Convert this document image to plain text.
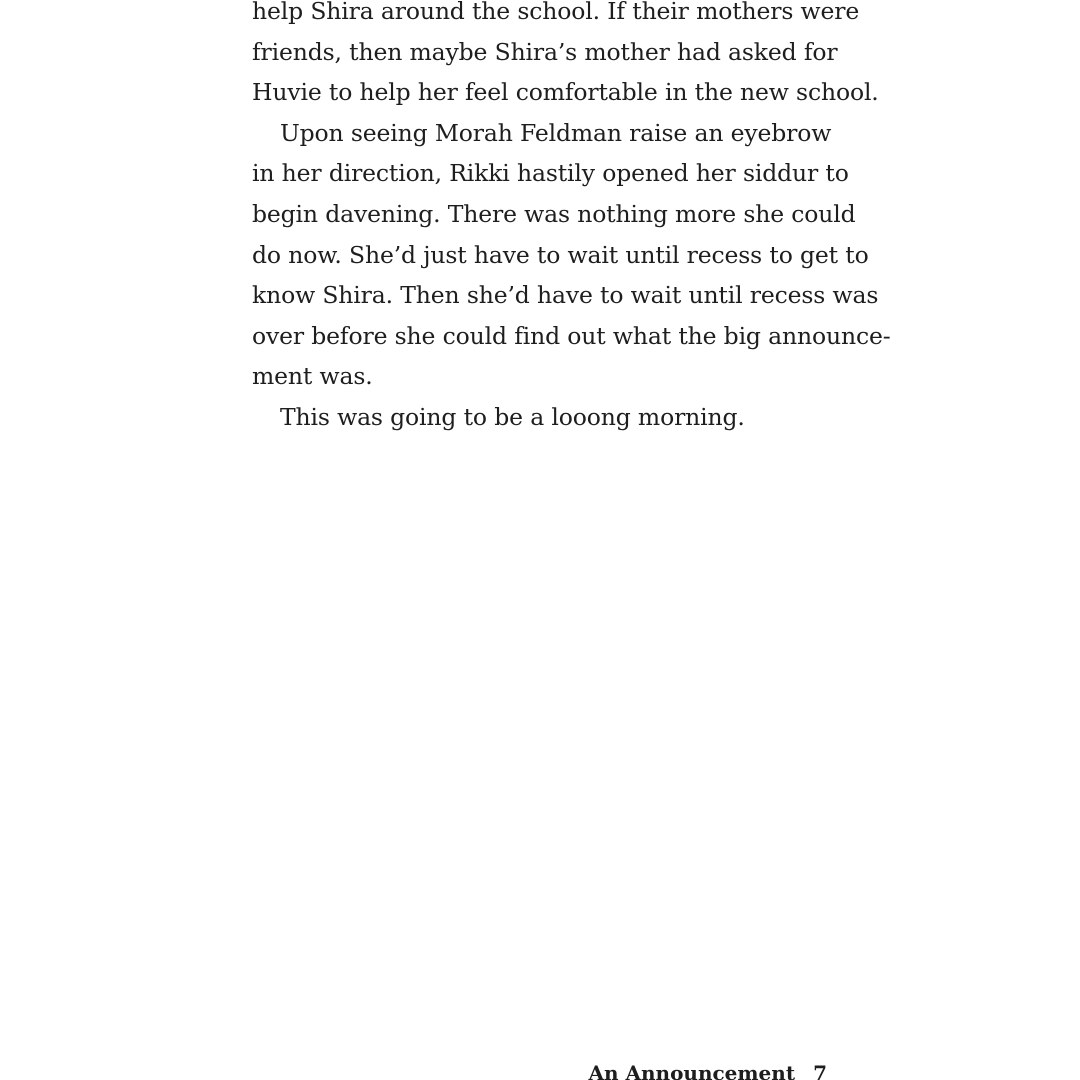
help Shira around the school. If their mothers were
friends, then maybe Shira’s mother had asked for
Huvie to help her feel comfortable in the new school.
Upon seeing Morah Feldman raise an eyebrow
in her direction, Rikki hastily opened her siddur to
begin davening. There was nothing more she could
do now. She’d just have to wait until recess to get to
know Shira. Then she’d have to wait until recess was
over before she could find out what the big announce-
ment was.
This was going to be a looong morning.
An Announcement 7
